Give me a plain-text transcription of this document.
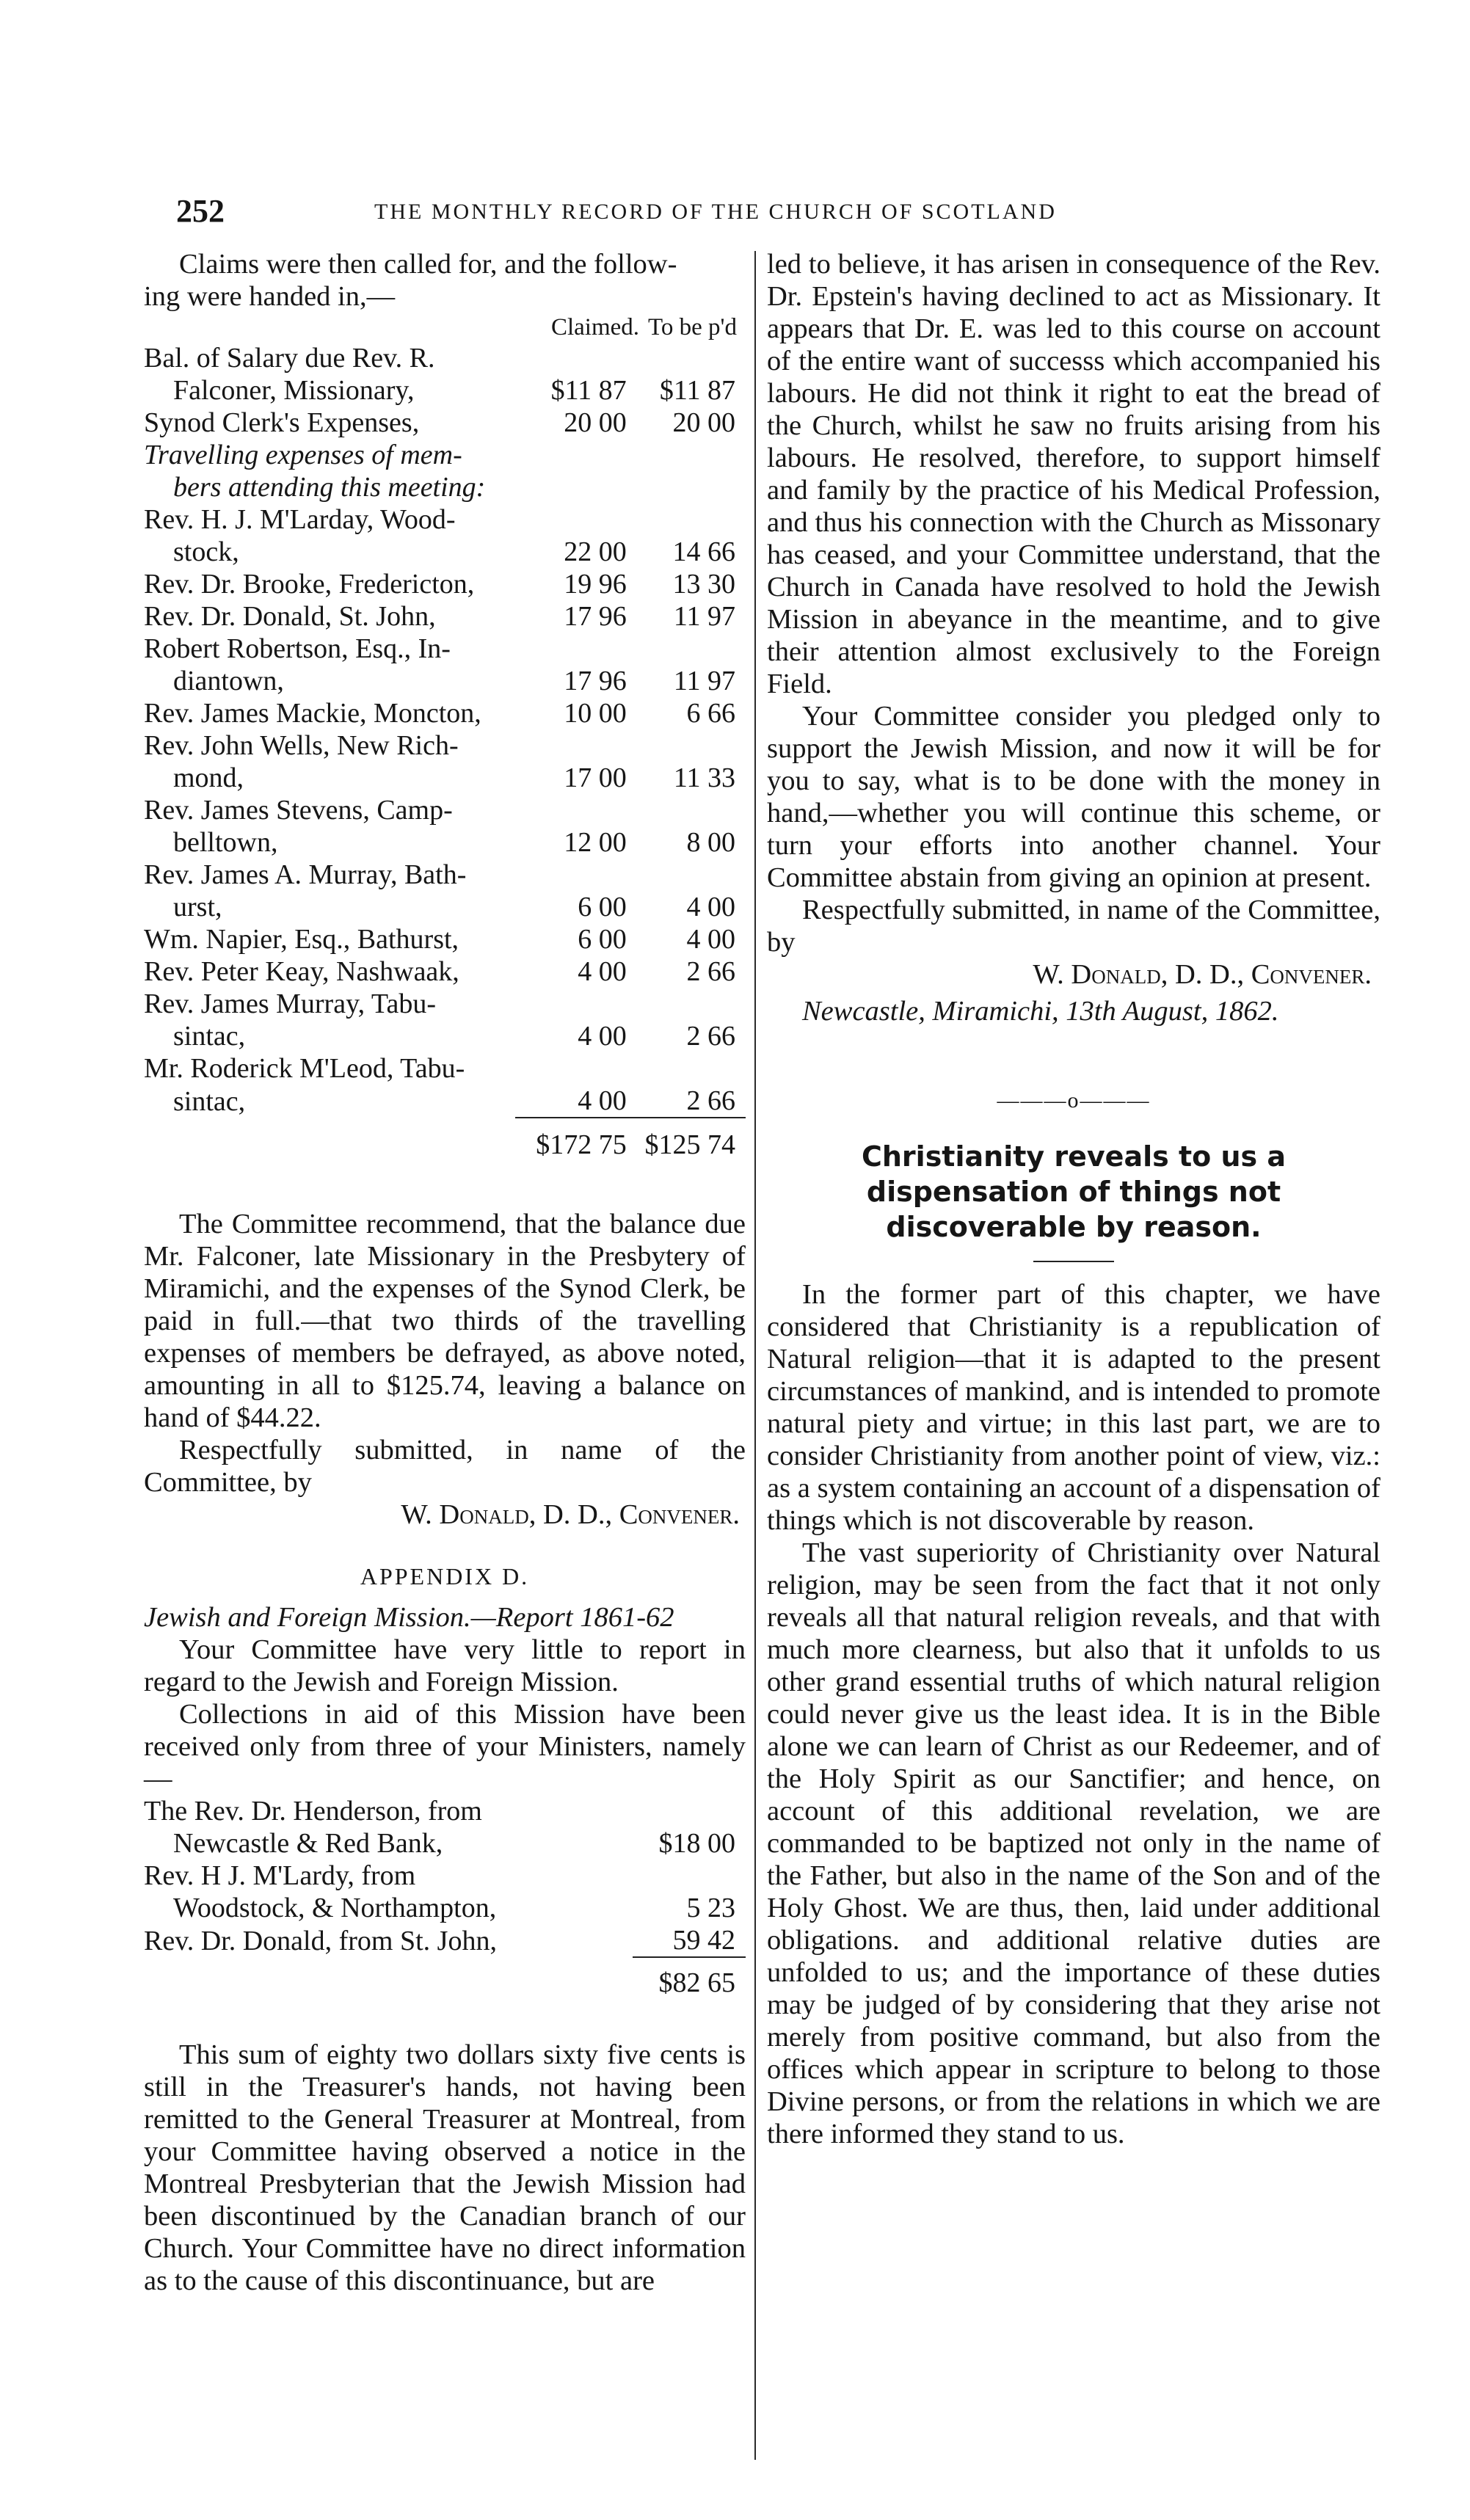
252	THE MONTHLY RECORD OF THE CHURCH OF SCOTLAND

Claims were then called for, and the follow-

ing were handed in,—

Claimed. To be p'd
Bal. of Salary due Rev. R.		
Falconer, Missionary,	$11 87	$11 87
Synod Clerk's Expenses,	20 00	20 00
Travelling expenses of mem-		
bers attending this meeting:		
Rev. H. J. M'Larday, Wood-		
stock,	22 00	14 66
Rev. Dr. Brooke, Fredericton,	19 96	13 30
Rev. Dr. Donald, St. John,	17 96	11 97
Robert Robertson, Esq., In-		
diantown,	17 96	11 97
Rev. James Mackie, Moncton,	10 00	6 66
Rev. John Wells, New Rich-		
mond,	17 00	11 33
Rev. James Stevens, Camp-		
belltown,	12 00	8 00
Rev. James A. Murray, Bath-		
urst,	6 00	4 00
Wm. Napier, Esq., Bathurst,	6 00	4 00
Rev. Peter Keay, Nashwaak,	4 00	2 66
Rev. James Murray, Tabu-		
sintac,	4 00	2 66
Mr. Roderick M'Leod, Tabu-		
sintac,	4 00	2 66
	$172 75	$125 74

The Committee recommend, that the balance due Mr. Falconer, late Missionary in the Presbytery of Miramichi, and the expenses of the Synod Clerk, be paid in full.—that two thirds of the travelling expenses of members be defrayed, as above noted, amounting in all to $125.74, leaving a balance on hand of $44.22.

Respectfully submitted, in name of the Committee, by

W. Donald, D. D., Convener.

APPENDIX D.

Jewish and Foreign Mission.—Report 1861-62

Your Committee have very little to report in regard to the Jewish and Foreign Mission.

Collections in aid of this Mission have been received only from three of your Ministers, namely—

The Rev. Dr. Henderson, from	
Newcastle & Red Bank,	$18 00
Rev. H J. M'Lardy, from	
Woodstock, & Northampton,	5 23
Rev. Dr. Donald, from St. John,	59 42
	$82 65

This sum of eighty two dollars sixty five cents is still in the Treasurer's hands, not having been remitted to the General Treasurer at Montreal, from your Committee having observed a notice in the Montreal Presbyterian that the Jewish Mission had been discontinued by the Canadian branch of our Church. Your Committee have no direct information as to the cause of this discontinuance, but are

led to believe, it has arisen in consequence of the Rev. Dr. Epstein's having declined to act as Missionary. It appears that Dr. E. was led to this course on account of the entire want of successs which accompanied his labours. He did not think it right to eat the bread of the Church, whilst he saw no fruits arising from his labours. He resolved, therefore, to support himself and family by the practice of his Medical Profession, and thus his connection with the Church as Missonary has ceased, and your Committee understand, that the Church in Canada have resolved to hold the Jewish Mission in abeyance in the meantime, and to give their attention almost exclusively to the Foreign Field.

Your Committee consider you pledged only to support the Jewish Mission, and now it will be for you to say, what is to be done with the money in hand,—whether you will continue this scheme, or turn your efforts into another channel. Your Committee abstain from giving an opinion at present.

Respectfully submitted, in name of the Committee, by

W. Donald, D. D., Convener.

Newcastle, Miramichi, 13th August, 1862.

———o———
Christianity reveals to us a dispensation of things not discoverable by reason.

In the former part of this chapter, we have considered that Christianity is a republication of Natural religion—that it is adapted to the present circumstances of mankind, and is intended to promote natural piety and virtue; in this last part, we are to consider Christianity from another point of view, viz.: as a system containing an account of a dispensation of things which is not discoverable by reason.

The vast superiority of Christianity over Natural religion, may be seen from the fact that it not only reveals all that natural religion reveals, and that with much more clearness, but also that it unfolds to us other grand essential truths of which natural religion could never give us the least idea. It is in the Bible alone we can learn of Christ as our Redeemer, and of the Holy Spirit as our Sanctifier; and hence, on account of this additional revelation, we are commanded to be baptized not only in the name of the Father, but also in the name of the Son and of the Holy Ghost. We are thus, then, laid under additional obligations. and additional relative duties are unfolded to us; and the importance of these duties may be judged of by considering that they arise not merely from positive command, but also from the offices which appear in scripture to belong to those Divine persons, or from the relations in which we are there informed they stand to us.
